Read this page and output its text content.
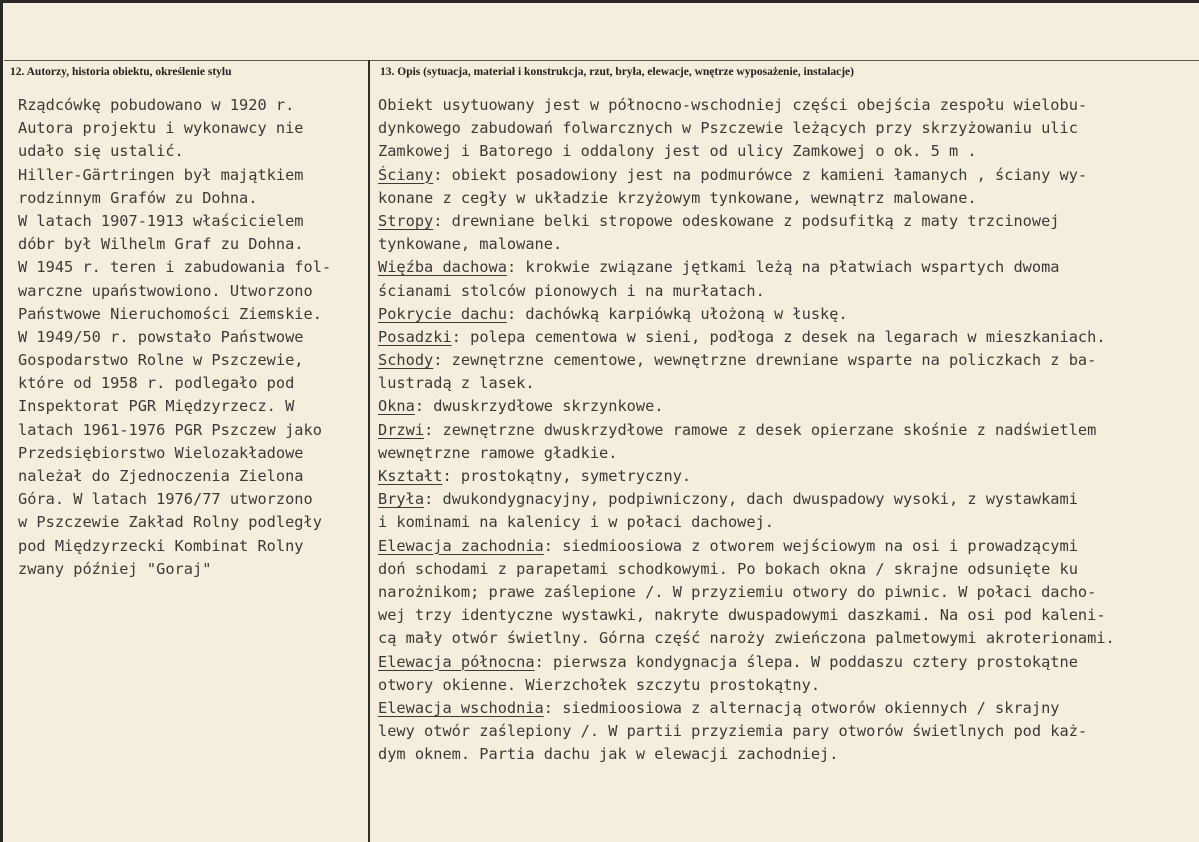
12. Autorzy, historia obiektu, określenie stylu	13. Opis (sytuacja, materiał i konstrukcja, rzut, bryła, elewacje, wnętrze wyposażenie, instalacje)
Rządcówkę pobudowano w 1920 r.
Autora projektu i wykonawcy nie
udało się ustalić.
Hiller-Gärtringen był majątkiem
rodzinnym Grafów zu Dohna.
W latach 1907-1913 właścicielem
dóbr był Wilhelm Graf zu Dohna.
W 1945 r. teren i zabudowania fol-
warczne upaństwowiono. Utworzono
Państwowe Nieruchomości Ziemskie.
W 1949/50 r. powstało Państwowe
Gospodarstwo Rolne w Pszczewie,
które od 1958 r. podlegało pod
Inspektorat PGR Międzyrzecz. W
latach 1961-1976 PGR Pszczew jako
Przedsiębiorstwo Wielozakładowe
należał do Zjednoczenia Zielona
Góra. W latach 1976/77 utworzono
w Pszczewie Zakład Rolny podległy
pod Międzyrzecki Kombinat Rolny
zwany później "Goraj"
Obiekt usytuowany jest w północno-wschodniej części obejścia zespołu wielobu-
dynkowego zabudowań folwarcznych w Pszczewie leżących przy skrzyżowaniu ulic
Zamkowej i Batorego i oddalony jest od ulicy Zamkowej o ok. 5 m .
Ściany: obiekt posadowiony jest na podmurówce z kamieni łamanych , ściany wy-
konane z cegły w układzie krzyżowym tynkowane, wewnątrz malowane.
Stropy: drewniane belki stropowe odeskowane z podsufitką z maty trzcinowej
tynkowane, malowane.
Więźba dachowa: krokwie związane jętkami leżą na płatwiach wspartych dwoma
ścianami stolców pionowych i na murłatach.
Pokrycie dachu: dachówką karpiówką ułożoną w łuskę.
Posadzki: polepa cementowa w sieni, podłoga z desek na legarach w mieszkaniach.
Schody: zewnętrzne cementowe, wewnętrzne drewniane wsparte na policzkach z ba-
lustradą z lasek.
Okna: dwuskrzydłowe skrzynkowe.
Drzwi: zewnętrzne dwuskrzydłowe ramowe z desek opierzane skośnie z nadświetlem
wewnętrzne ramowe gładkie.
Kształt: prostokątny, symetryczny.
Bryła: dwukondygnacyjny, podpiwniczony, dach dwuspadowy wysoki, z wystawkami
i kominami na kalenicy i w połaci dachowej.
Elewacja zachodnia: siedmioosiowa z otworem wejściowym na osi i prowadzącymi
doń schodami z parapetami schodkowymi. Po bokach okna / skrajne odsunięte ku
narożnikom; prawe zaślepione /. W przyziemiu otwory do piwnic. W połaci dacho-
wej trzy identyczne wystawki, nakryte dwuspadowymi daszkami. Na osi pod kaleni-
cą mały otwór świetlny. Górna część naroży zwieńczona palmetowymi akroterionami.
Elewacja północna: pierwsza kondygnacja ślepa. W poddaszu cztery prostokątne
otwory okienne. Wierzchołek szczytu prostokątny.
Elewacja wschodnia: siedmioosiowa z alternacją otworów okiennych / skrajny
lewy otwór zaślepiony /. W partii przyziemia pary otworów świetlnych pod każ-
dym oknem. Partia dachu jak w elewacji zachodniej.
